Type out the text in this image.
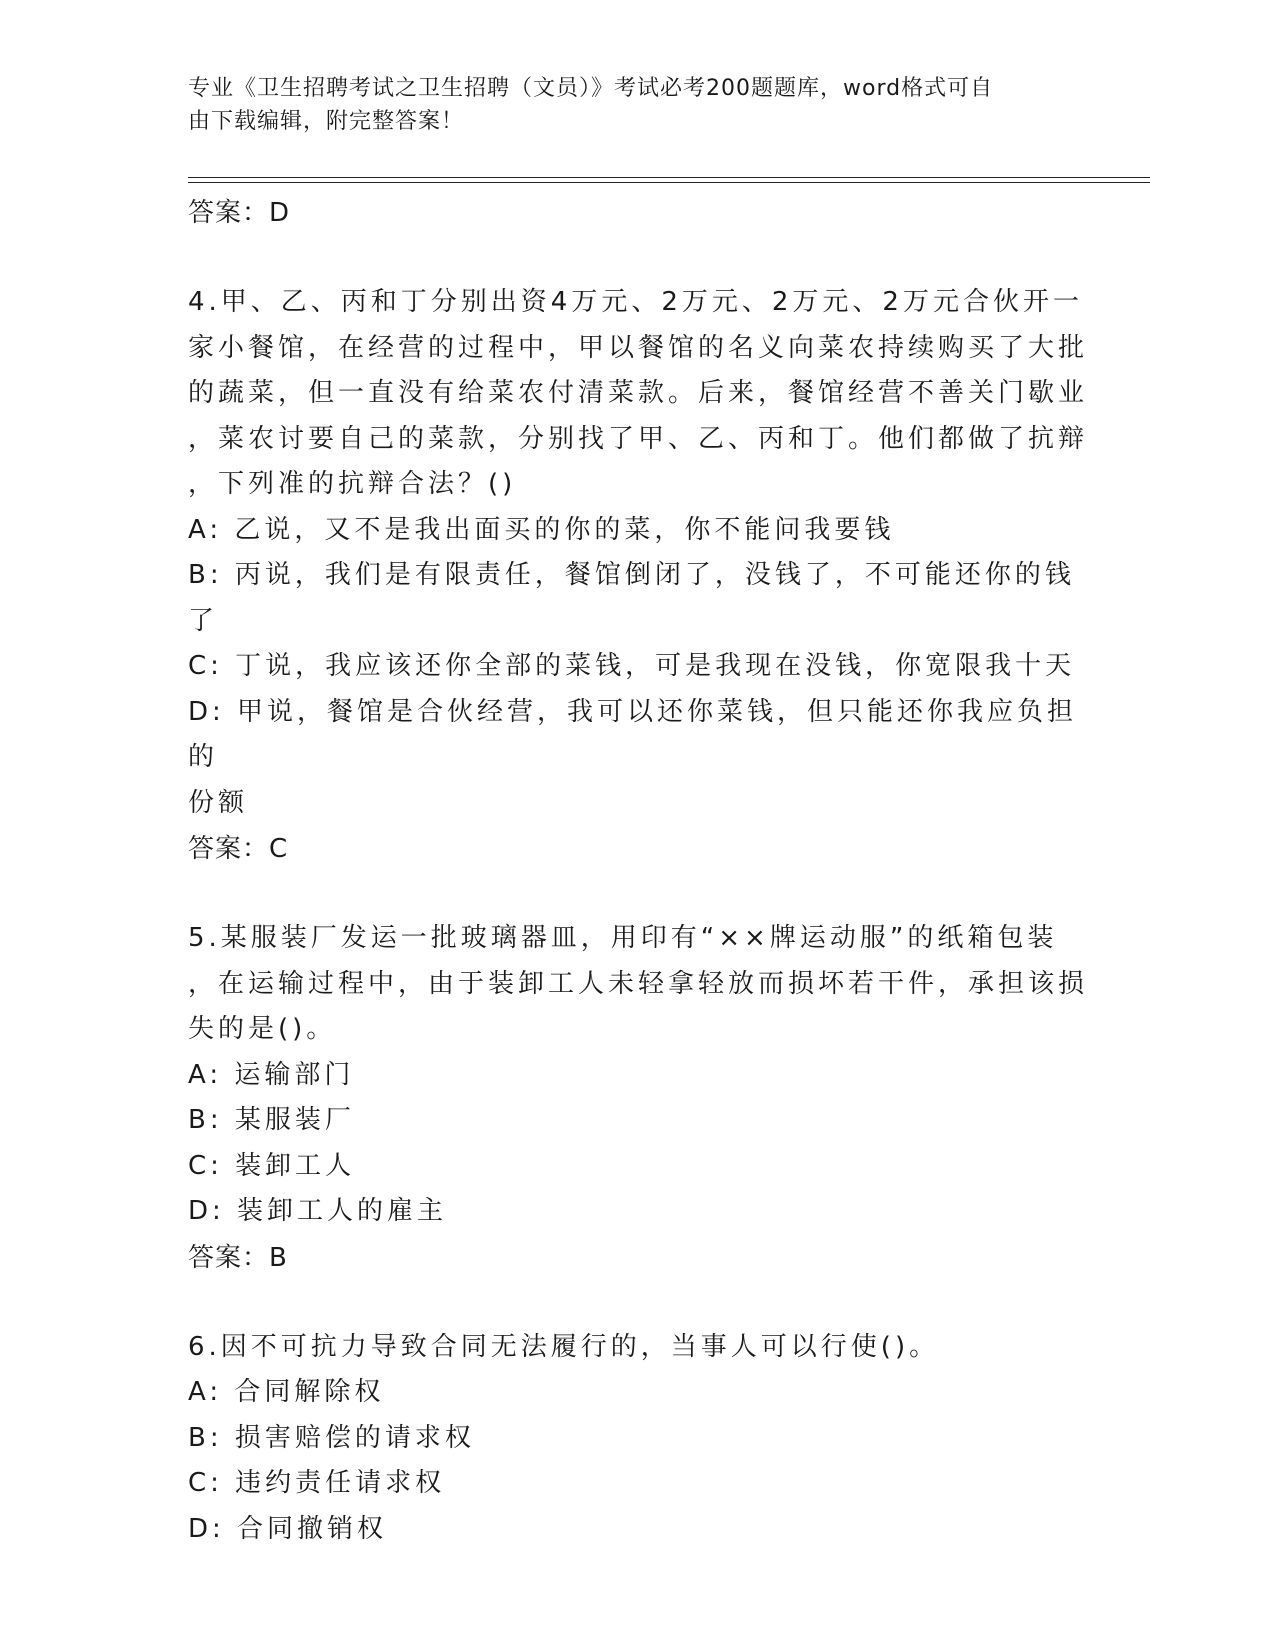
专业《卫生招聘考试之卫生招聘（文员）》考试必考200题题库，word格式可自
由下载编辑，附完整答案！
答案：D
4.甲、乙、丙和丁分别出资4万元、2万元、2万元、2万元合伙开一
家小餐馆，在经营的过程中，甲以餐馆的名义向菜农持续购买了大批
的蔬菜，但一直没有给菜农付清菜款。后来，餐馆经营不善关门歇业
，菜农讨要自己的菜款，分别找了甲、乙、丙和丁。他们都做了抗辩
，下列准的抗辩合法？()
A: 乙说，又不是我出面买的你的菜，你不能问我要钱
B: 丙说，我们是有限责任，餐馆倒闭了，没钱了，不可能还你的钱了
C: 丁说，我应该还你全部的菜钱，可是我现在没钱，你宽限我十天
D: 甲说，餐馆是合伙经营，我可以还你菜钱，但只能还你我应负担的
份额
答案：C
5.某服装厂发运一批玻璃器皿，用印有“××牌运动服”的纸箱包装
，在运输过程中，由于装卸工人未轻拿轻放而损坏若干件，承担该损
失的是()。
A: 运输部门
B: 某服装厂
C: 装卸工人
D: 装卸工人的雇主
答案：B
6.因不可抗力导致合同无法履行的，当事人可以行使()。
A: 合同解除权
B: 损害赔偿的请求权
C: 违约责任请求权
D: 合同撤销权
